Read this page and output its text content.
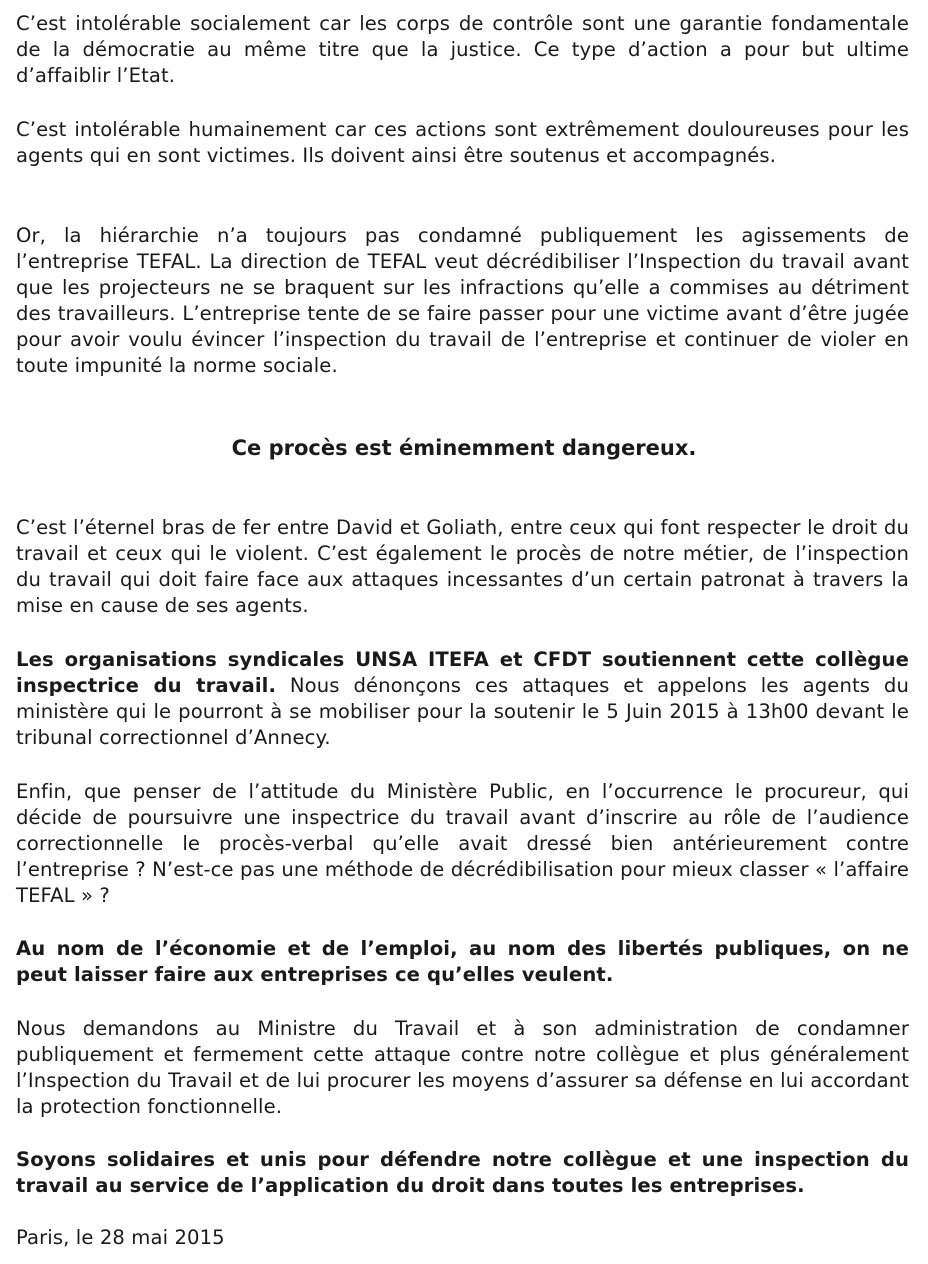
C’est intolérable socialement car les corps de contrôle sont une garantie fondamentale de la démocratie au même titre que la justice. Ce type d’action a pour but ultime d’affaiblir l’Etat.
C’est intolérable humainement car ces actions sont extrêmement douloureuses pour les agents qui en sont victimes. Ils doivent ainsi être soutenus et accompagnés.
Or, la hiérarchie n’a toujours pas condamné publiquement les agissements de l’entreprise TEFAL. La direction de TEFAL veut décrédibiliser l’Inspection du travail avant que les projecteurs ne se braquent sur les infractions qu’elle a commises au détriment des travailleurs. L’entreprise tente de se faire passer pour une victime avant d’être jugée pour avoir voulu évincer l’inspection du travail de l’entreprise et continuer de violer en toute impunité la norme sociale.
Ce procès est éminemment dangereux.
C’est l’éternel bras de fer entre David et Goliath, entre ceux qui font respecter le droit du travail et ceux qui le violent. C’est également le procès de notre métier, de l’inspection du travail qui doit faire face aux attaques incessantes d’un certain patronat à travers la mise en cause de ses agents.
Les organisations syndicales UNSA ITEFA et CFDT soutiennent cette collègue inspectrice du travail. Nous dénonçons ces attaques et appelons les agents du ministère qui le pourront à se mobiliser pour la soutenir le 5 Juin 2015 à 13h00 devant le tribunal correctionnel d’Annecy.
Enfin, que penser de l’attitude du Ministère Public, en l’occurrence le procureur, qui décide de poursuivre une inspectrice du travail avant d’inscrire au rôle de l’audience correctionnelle le procès-verbal qu’elle avait dressé bien antérieurement contre l’entreprise ? N’est-ce pas une méthode de décrédibilisation pour mieux classer « l’affaire TEFAL » ?
Au nom de l’économie et de l’emploi, au nom des libertés publiques, on ne peut laisser faire aux entreprises ce qu’elles veulent.
Nous demandons au Ministre du Travail et à son administration de condamner publiquement et fermement cette attaque contre notre collègue et plus généralement l’Inspection du Travail et de lui procurer les moyens d’assurer sa défense en lui accordant la protection fonctionnelle.
Soyons solidaires et unis pour défendre notre collègue et une inspection du travail au service de l’application du droit dans toutes les entreprises.
Paris, le 28 mai 2015
